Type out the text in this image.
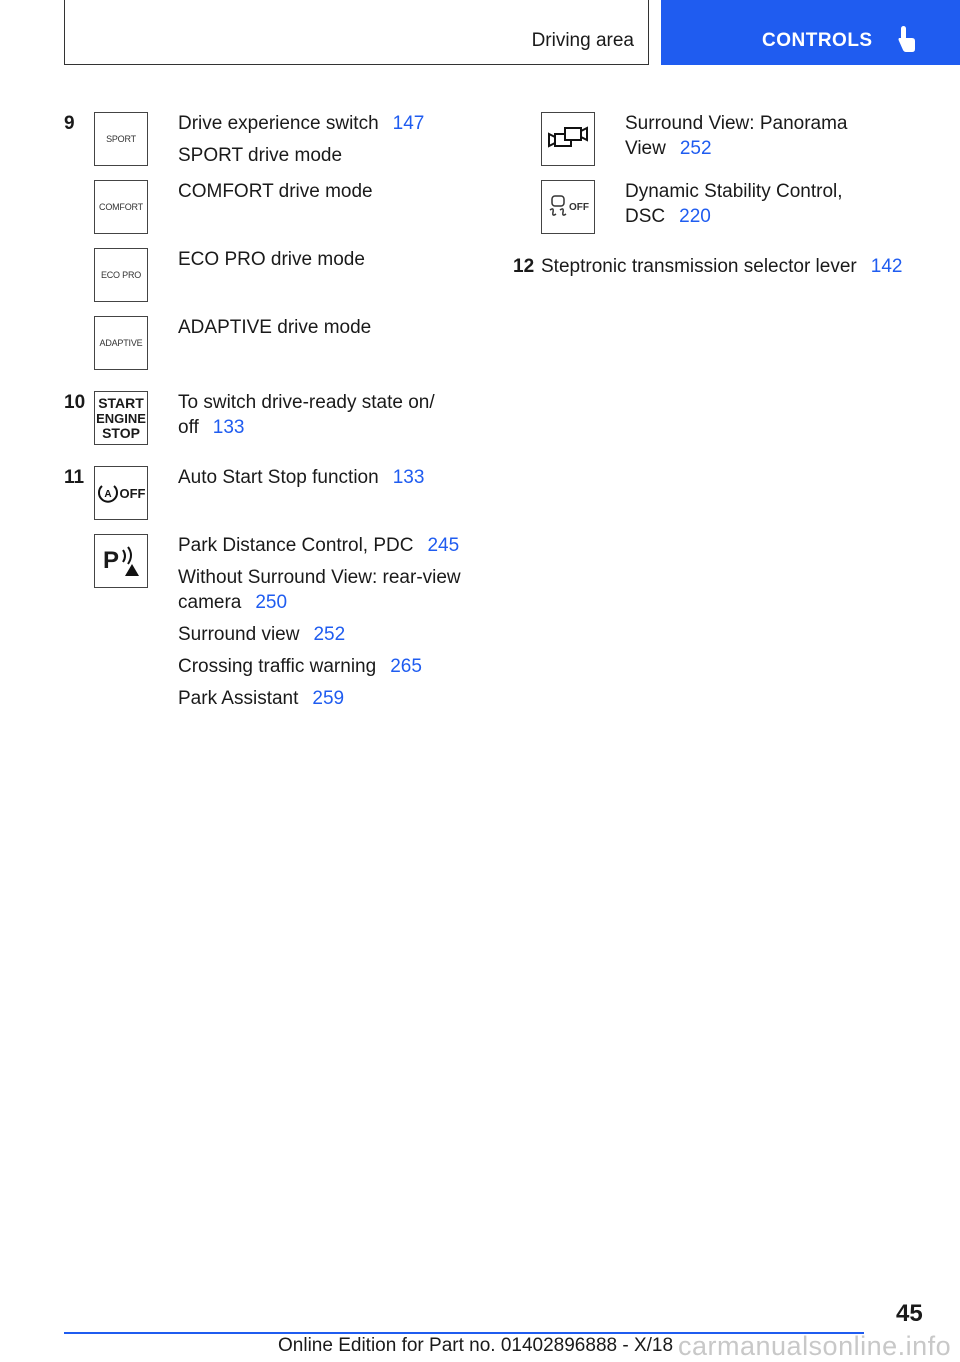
Driving area	CONTROLS
9
SPORT
Drive experience switch 147
SPORT drive mode
COMFORT
COMFORT drive mode
ECO PRO
ECO PRO drive mode
ADAPTIVE
ADAPTIVE drive mode
10 START
ENGINE
STOP
To switch drive-ready state on/
off 133
11
A OFF
Auto Start Stop function 133
P
Park Distance Control, PDC 245
Without Surround View: rear-view
camera 250
Surround view 252
Crossing traffic warning 265
Park Assistant 259
Surround View: Panorama
View 252
OFF
Dynamic Stability Control,
DSC 220
12 Steptronic transmission selector lever 142
45
Online Edition for Part no. 01402896888 - X/18 carmanualsonline.info
